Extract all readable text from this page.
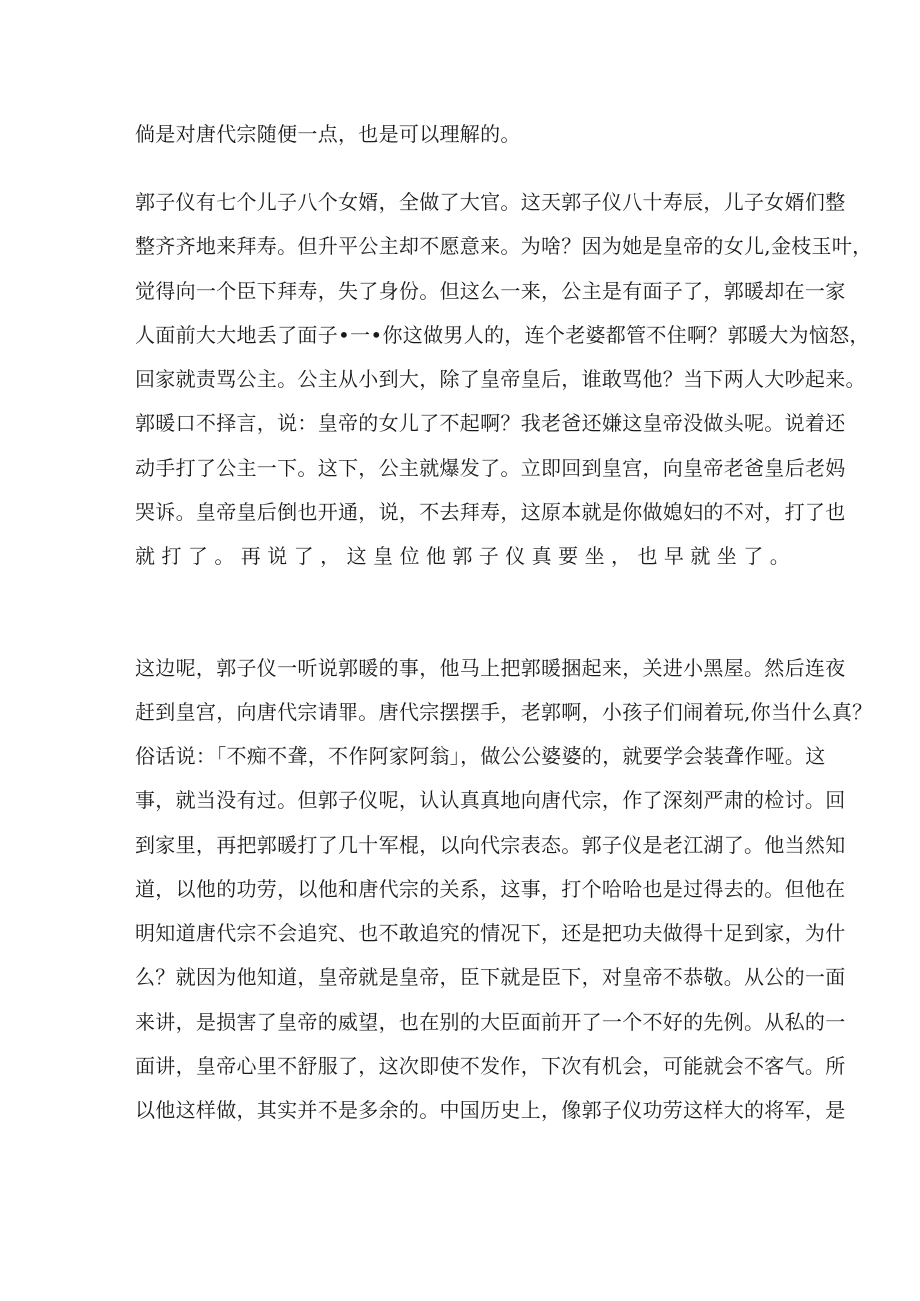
倘是对唐代宗随便一点，也是可以理解的。
郭子仪有七个儿子八个女婿，全做了大官。这天郭子仪八十寿辰，儿子女婿们整
整齐齐地来拜寿。但升平公主却不愿意来。为啥？因为她是皇帝的女儿,金枝玉叶，
觉得向一个臣下拜寿，失了身份。但这么一来，公主是有面子了，郭暖却在一家
人面前大大地丢了面子•一•你这做男人的，连个老婆都管不住啊？郭暖大为恼怒，
回家就责骂公主。公主从小到大，除了皇帝皇后，谁敢骂他？当下两人大吵起来。
郭暖口不择言，说：皇帝的女儿了不起啊？我老爸还嫌这皇帝没做头呢。说着还
动手打了公主一下。这下，公主就爆发了。立即回到皇宫，向皇帝老爸皇后老妈
哭诉。皇帝皇后倒也开通，说，不去拜寿，这原本就是你做媳妇的不对，打了也
就打了。再说了，这皇位他郭子仪真要坐，也早就坐了。
这边呢，郭子仪一听说郭暖的事，他马上把郭暖捆起来，关进小黑屋。然后连夜
赶到皇宫，向唐代宗请罪。唐代宗摆摆手，老郭啊，小孩子们闹着玩,你当什么真？
俗话说：「不痴不聋，不作阿家阿翁」，做公公婆婆的，就要学会装聋作哑。这
事，就当没有过。但郭子仪呢，认认真真地向唐代宗，作了深刻严肃的检讨。回
到家里，再把郭暖打了几十军棍，以向代宗表态。郭子仪是老江湖了。他当然知
道，以他的功劳，以他和唐代宗的关系，这事，打个哈哈也是过得去的。但他在
明知道唐代宗不会追究、也不敢追究的情况下，还是把功夫做得十足到家，为什
么？就因为他知道，皇帝就是皇帝，臣下就是臣下，对皇帝不恭敬。从公的一面
来讲，是损害了皇帝的威望，也在别的大臣面前开了一个不好的先例。从私的一
面讲，皇帝心里不舒服了，这次即使不发作，下次有机会，可能就会不客气。所
以他这样做，其实并不是多余的。中国历史上，像郭子仪功劳这样大的将军，是
